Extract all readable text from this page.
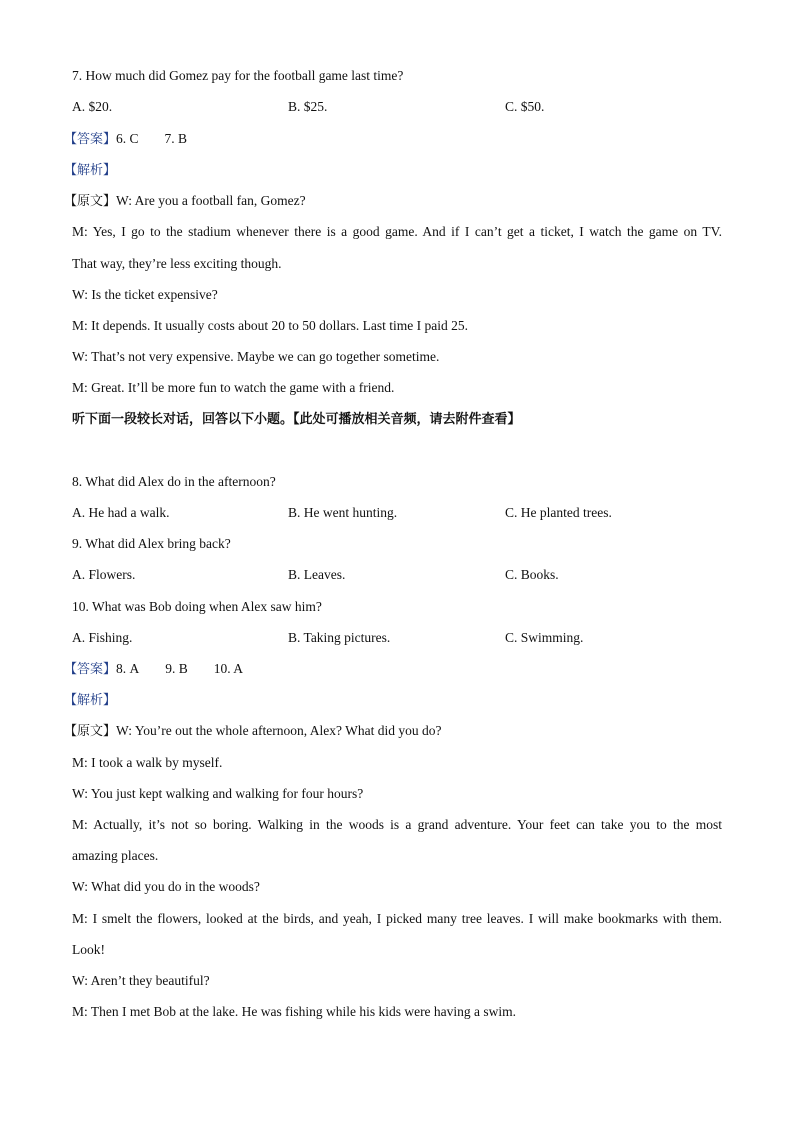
7. How much did Gomez pay for the football game last time?
A. $20.	B. $25.	C. $50.
【答案】6. C 7. B
【解析】
【原文】W: Are you a football fan, Gomez?
M: Yes, I go to the stadium whenever there is a good game. And if I can’t get a ticket, I watch the game on TV.
That way, they’re less exciting though.
W: Is the ticket expensive?
M: It depends. It usually costs about 20 to 50 dollars. Last time I paid 25.
W: That’s not very expensive. Maybe we can go together sometime.
M: Great. It’ll be more fun to watch the game with a friend.
听下面一段较长对话，回答以下小题。【此处可播放相关音频，请去附件查看】
8. What did Alex do in the afternoon?
A. He had a walk.	B. He went hunting.	C. He planted trees.
9. What did Alex bring back?
A. Flowers.	B. Leaves.	C. Books.
10. What was Bob doing when Alex saw him?
A. Fishing.	B. Taking pictures.	C. Swimming.
【答案】8. A 9. B 10. A
【解析】
【原文】W: You’re out the whole afternoon, Alex? What did you do?
M: I took a walk by myself.
W: You just kept walking and walking for four hours?
M: Actually, it’s not so boring. Walking in the woods is a grand adventure. Your feet can take you to the most
amazing places.
W: What did you do in the woods?
M: I smelt the flowers, looked at the birds, and yeah, I picked many tree leaves. I will make bookmarks with them.
Look!
W: Aren’t they beautiful?
M: Then I met Bob at the lake. He was fishing while his kids were having a swim.
